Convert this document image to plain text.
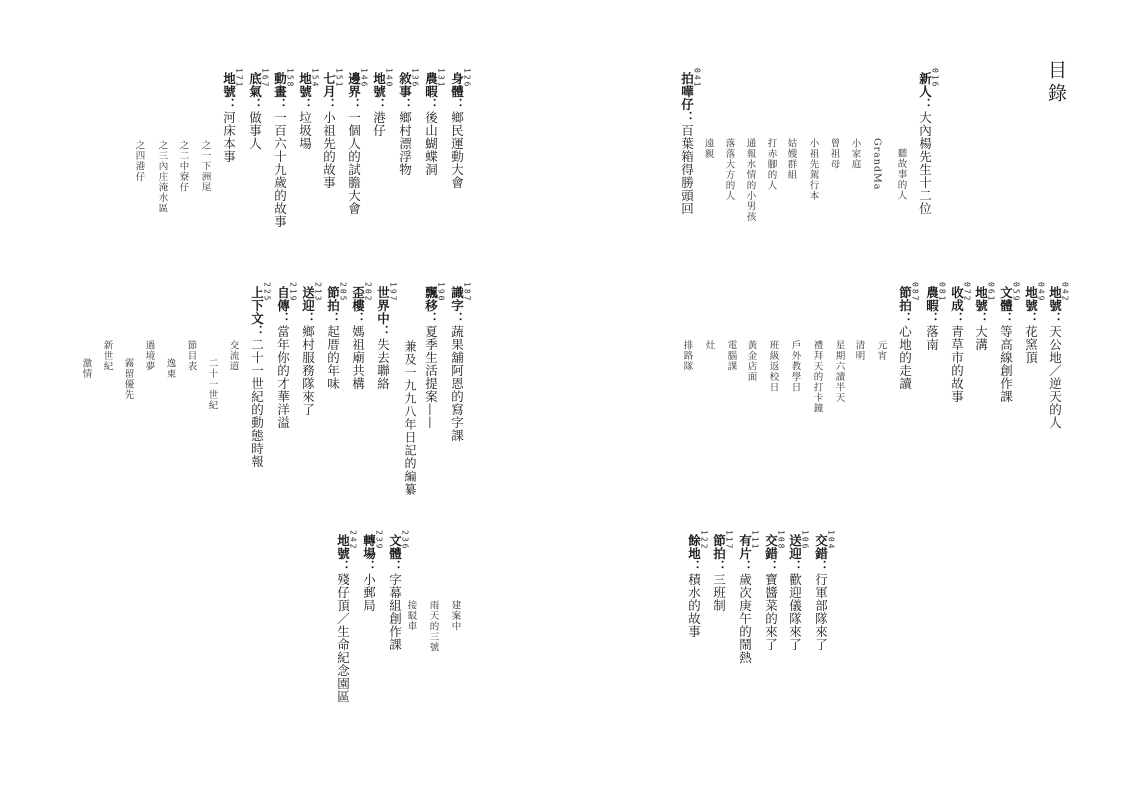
目錄
016
新人：大內楊先生十二位
聽故事的人
GrandMa
小家庭
曾祖母
小祖先駕行本
姑嫂群組
打赤腳的人
通報水情的小男孩
落落大方的人
遠親
041
拍嘩仔：百葉箱得勝頭回
042
地號：天公地／逆天的人
049
地號：花窯頂
059
文體：等高線創作課
061
地號：大溝
072
收成：青草市的故事
081
農暇：落南
087
節拍：心地的走讀
元宵
清明
星期六讀半天
禮拜天的打卡鐘
戶外教學日
班級返校日
黃金店面
電腦課
灶
排路隊
104
交錯：行軍部隊來了
106
送迎：歡迎儀隊來了
108
交錯：寶醬菜的來了
111
有片：歲次庚午的鬧熱
117
節拍：三班制
122
餘地：積水的故事
126
身體：鄉民運動大會
131
農暇：後山蝴蝶洞
136
敘事：鄉村漂浮物
140
地號：港仔
146
邊界：一個人的試膽大會
151
七月：小祖先的故事
154
地號：垃圾場
158
動畫：一百六十九歲的故事
167
底氣：做事人
171
地號：河床本事
之一下洲尾
之二中寮仔
之三內庄淹水區
之四港仔
187
識字：蔬果舖阿恩的寫字課
190
飄移：夏季生活提案——
兼及一九九八年日記的編纂
197
世界中：失去聯絡
202
歪樓：媽祖廟共構
205
節拍：起厝的年味
213
送迎：鄉村服務隊來了
219
自傳：當年你的才華洋溢
225
上下文：二十一世紀的動態時報
交流道
二十一世紀
節目表
逸東
過境夢
霧留優先
新世紀
激情
236
文體：字幕組創作課	建案中
雨天的三號
接駁車
239
轉場：小郵局
242
地號：殘仔頂／生命紀念園區
